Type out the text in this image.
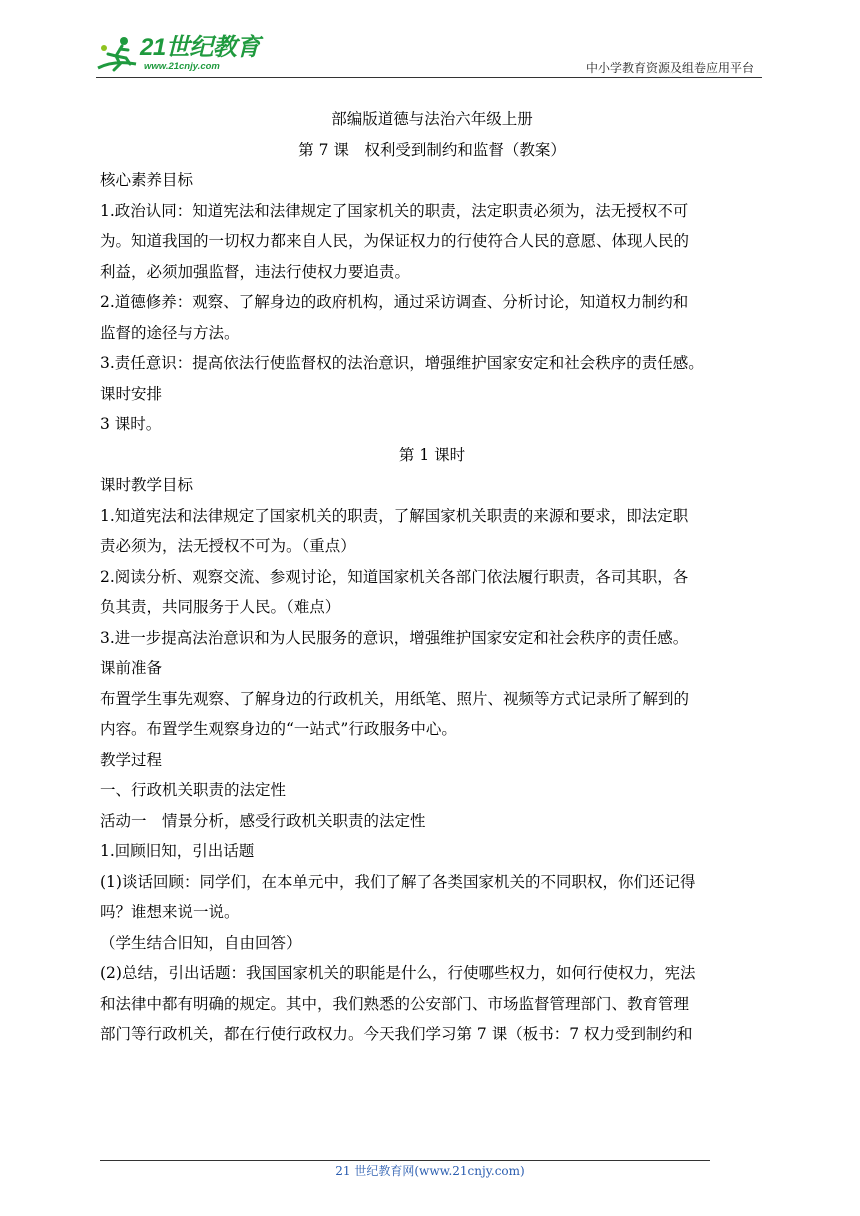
21世纪教育
www.21cnjy.com	中小学教育资源及组卷应用平台
部编版道德与法治六年级上册
第 7 课　权利受到制约和监督（教案）
核心素养目标
1.政治认同：知道宪法和法律规定了国家机关的职责，法定职责必须为，法无授权不可
为。知道我国的一切权力都来自人民，为保证权力的行使符合人民的意愿、体现人民的
利益，必须加强监督，违法行使权力要追责。
2.道德修养：观察、了解身边的政府机构，通过采访调查、分析讨论，知道权力制约和
监督的途径与方法。
3.责任意识：提高依法行使监督权的法治意识，增强维护国家安定和社会秩序的责任感。
课时安排
3 课时。
第 1 课时
课时教学目标
1.知道宪法和法律规定了国家机关的职责，了解国家机关职责的来源和要求，即法定职
责必须为，法无授权不可为。（重点）
2.阅读分析、观察交流、参观讨论，知道国家机关各部门依法履行职责，各司其职，各
负其责，共同服务于人民。（难点）
3.进一步提高法治意识和为人民服务的意识，增强维护国家安定和社会秩序的责任感。
课前准备
布置学生事先观察、了解身边的行政机关，用纸笔、照片、视频等方式记录所了解到的
内容。布置学生观察身边的“一站式”行政服务中心。
教学过程
一、行政机关职责的法定性
活动一　情景分析，感受行政机关职责的法定性
1.回顾旧知，引出话题
(1)谈话回顾：同学们，在本单元中，我们了解了各类国家机关的不同职权，你们还记得
吗？谁想来说一说。
（学生结合旧知，自由回答）
(2)总结，引出话题：我国国家机关的职能是什么，行使哪些权力，如何行使权力，宪法
和法律中都有明确的规定。其中，我们熟悉的公安部门、市场监督管理部门、教育管理
部门等行政机关，都在行使行政权力。今天我们学习第 7 课（板书：7 权力受到制约和
21 世纪教育网(www.21cnjy.com)
